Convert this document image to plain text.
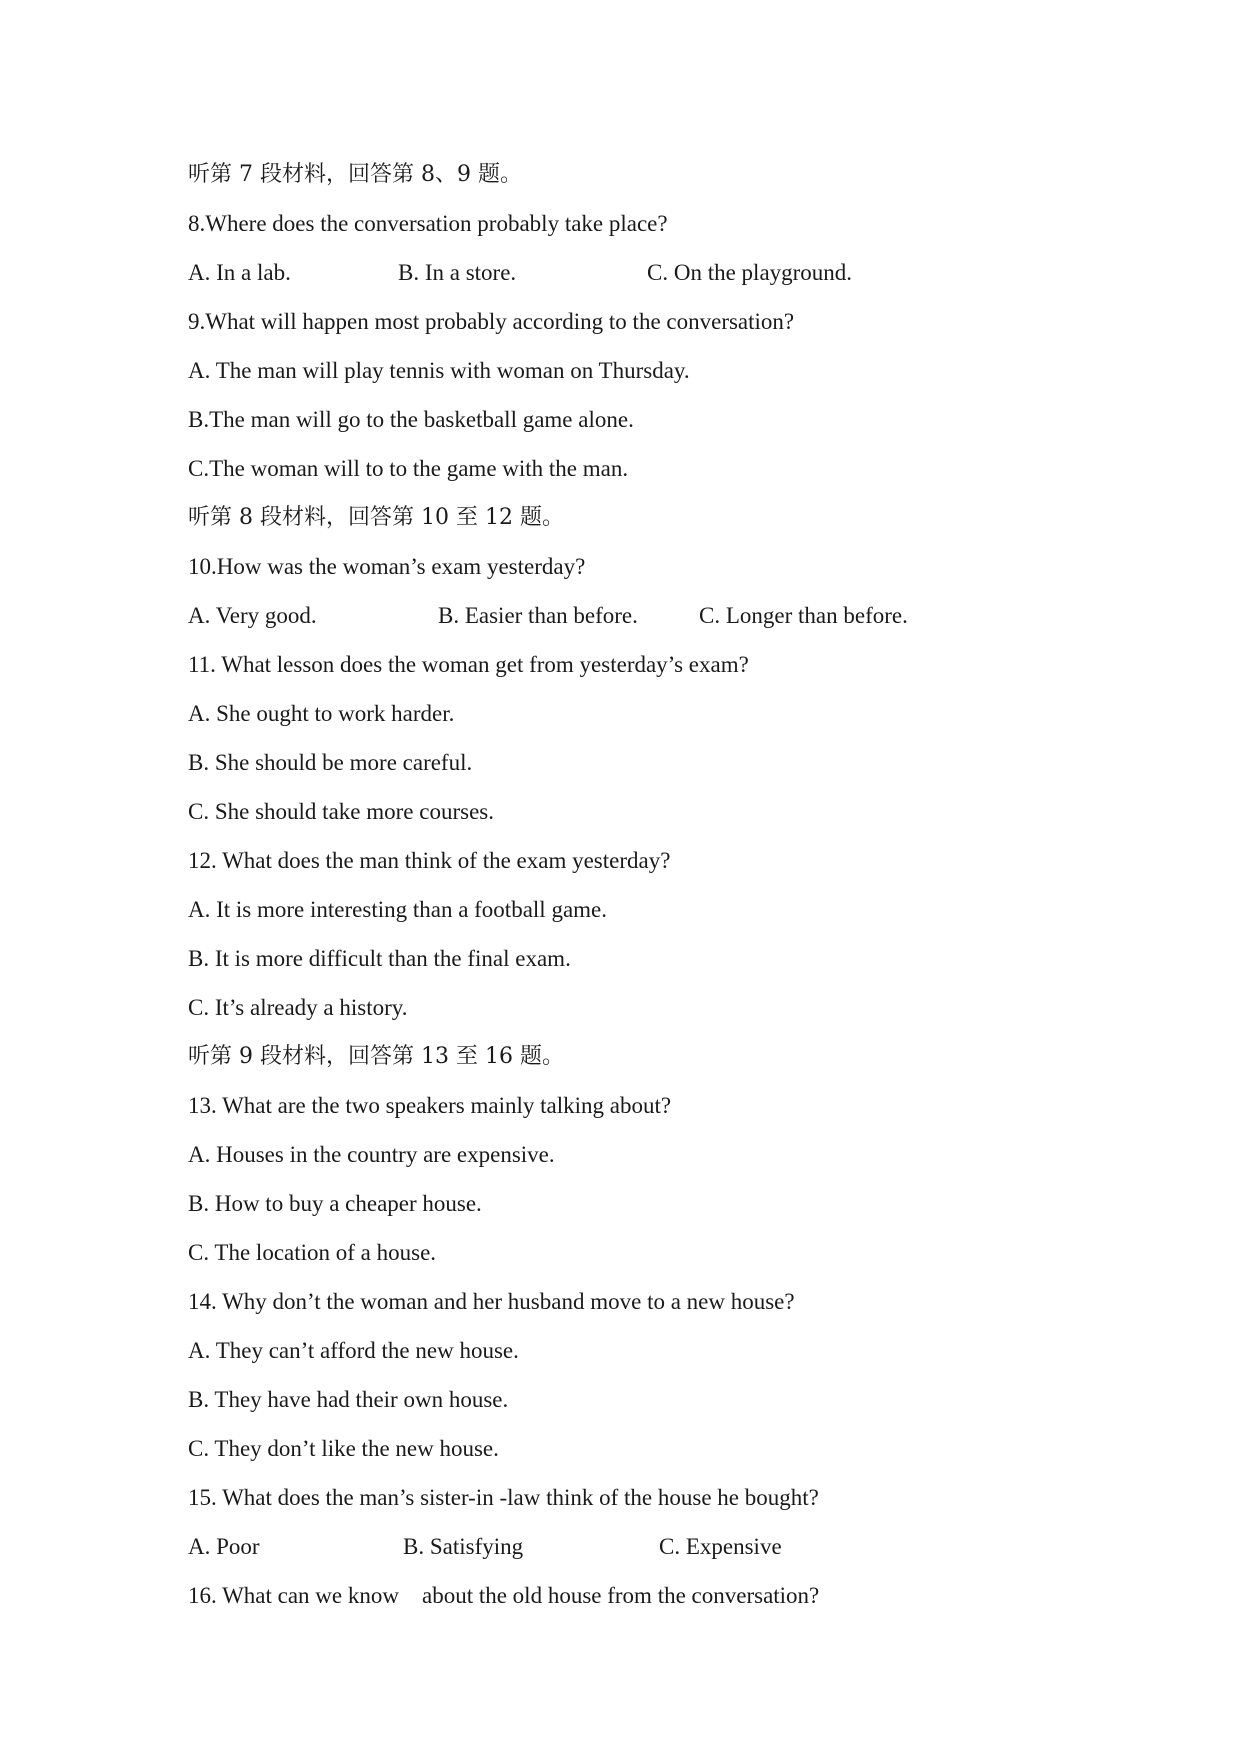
听第 7 段材料，回答第 8、9 题。
8.Where does the conversation probably take place?
A. In a lab.	B. In a store.	C. On the playground.
9.What will happen most probably according to the conversation?
A. The man will play tennis with woman on Thursday.
B.The man will go to the basketball game alone.
C.The woman will to to the game with the man.
听第 8 段材料，回答第 10 至 12 题。
10.How was the woman’s exam yesterday?
A. Very good.	B. Easier than before.	C. Longer than before.
11. What lesson does the woman get from yesterday’s exam?
A. She ought to work harder.
B. She should be more careful.
C. She should take more courses.
12. What does the man think of the exam yesterday?
A. It is more interesting than a football game.
B. It is more difficult than the final exam.
C. It’s already a history.
听第 9 段材料，回答第 13 至 16 题。
13. What are the two speakers mainly talking about?
A. Houses in the country are expensive.
B. How to buy a cheaper house.
C. The location of a house.
14. Why don’t the woman and her husband move to a new house?
A. They can’t afford the new house.
B. They have had their own house.
C. They don’t like the new house.
15. What does the man’s sister-in -law think of the house he bought?
A. Poor	B. Satisfying	C. Expensive
16. What can we know    about the old house from the conversation?
